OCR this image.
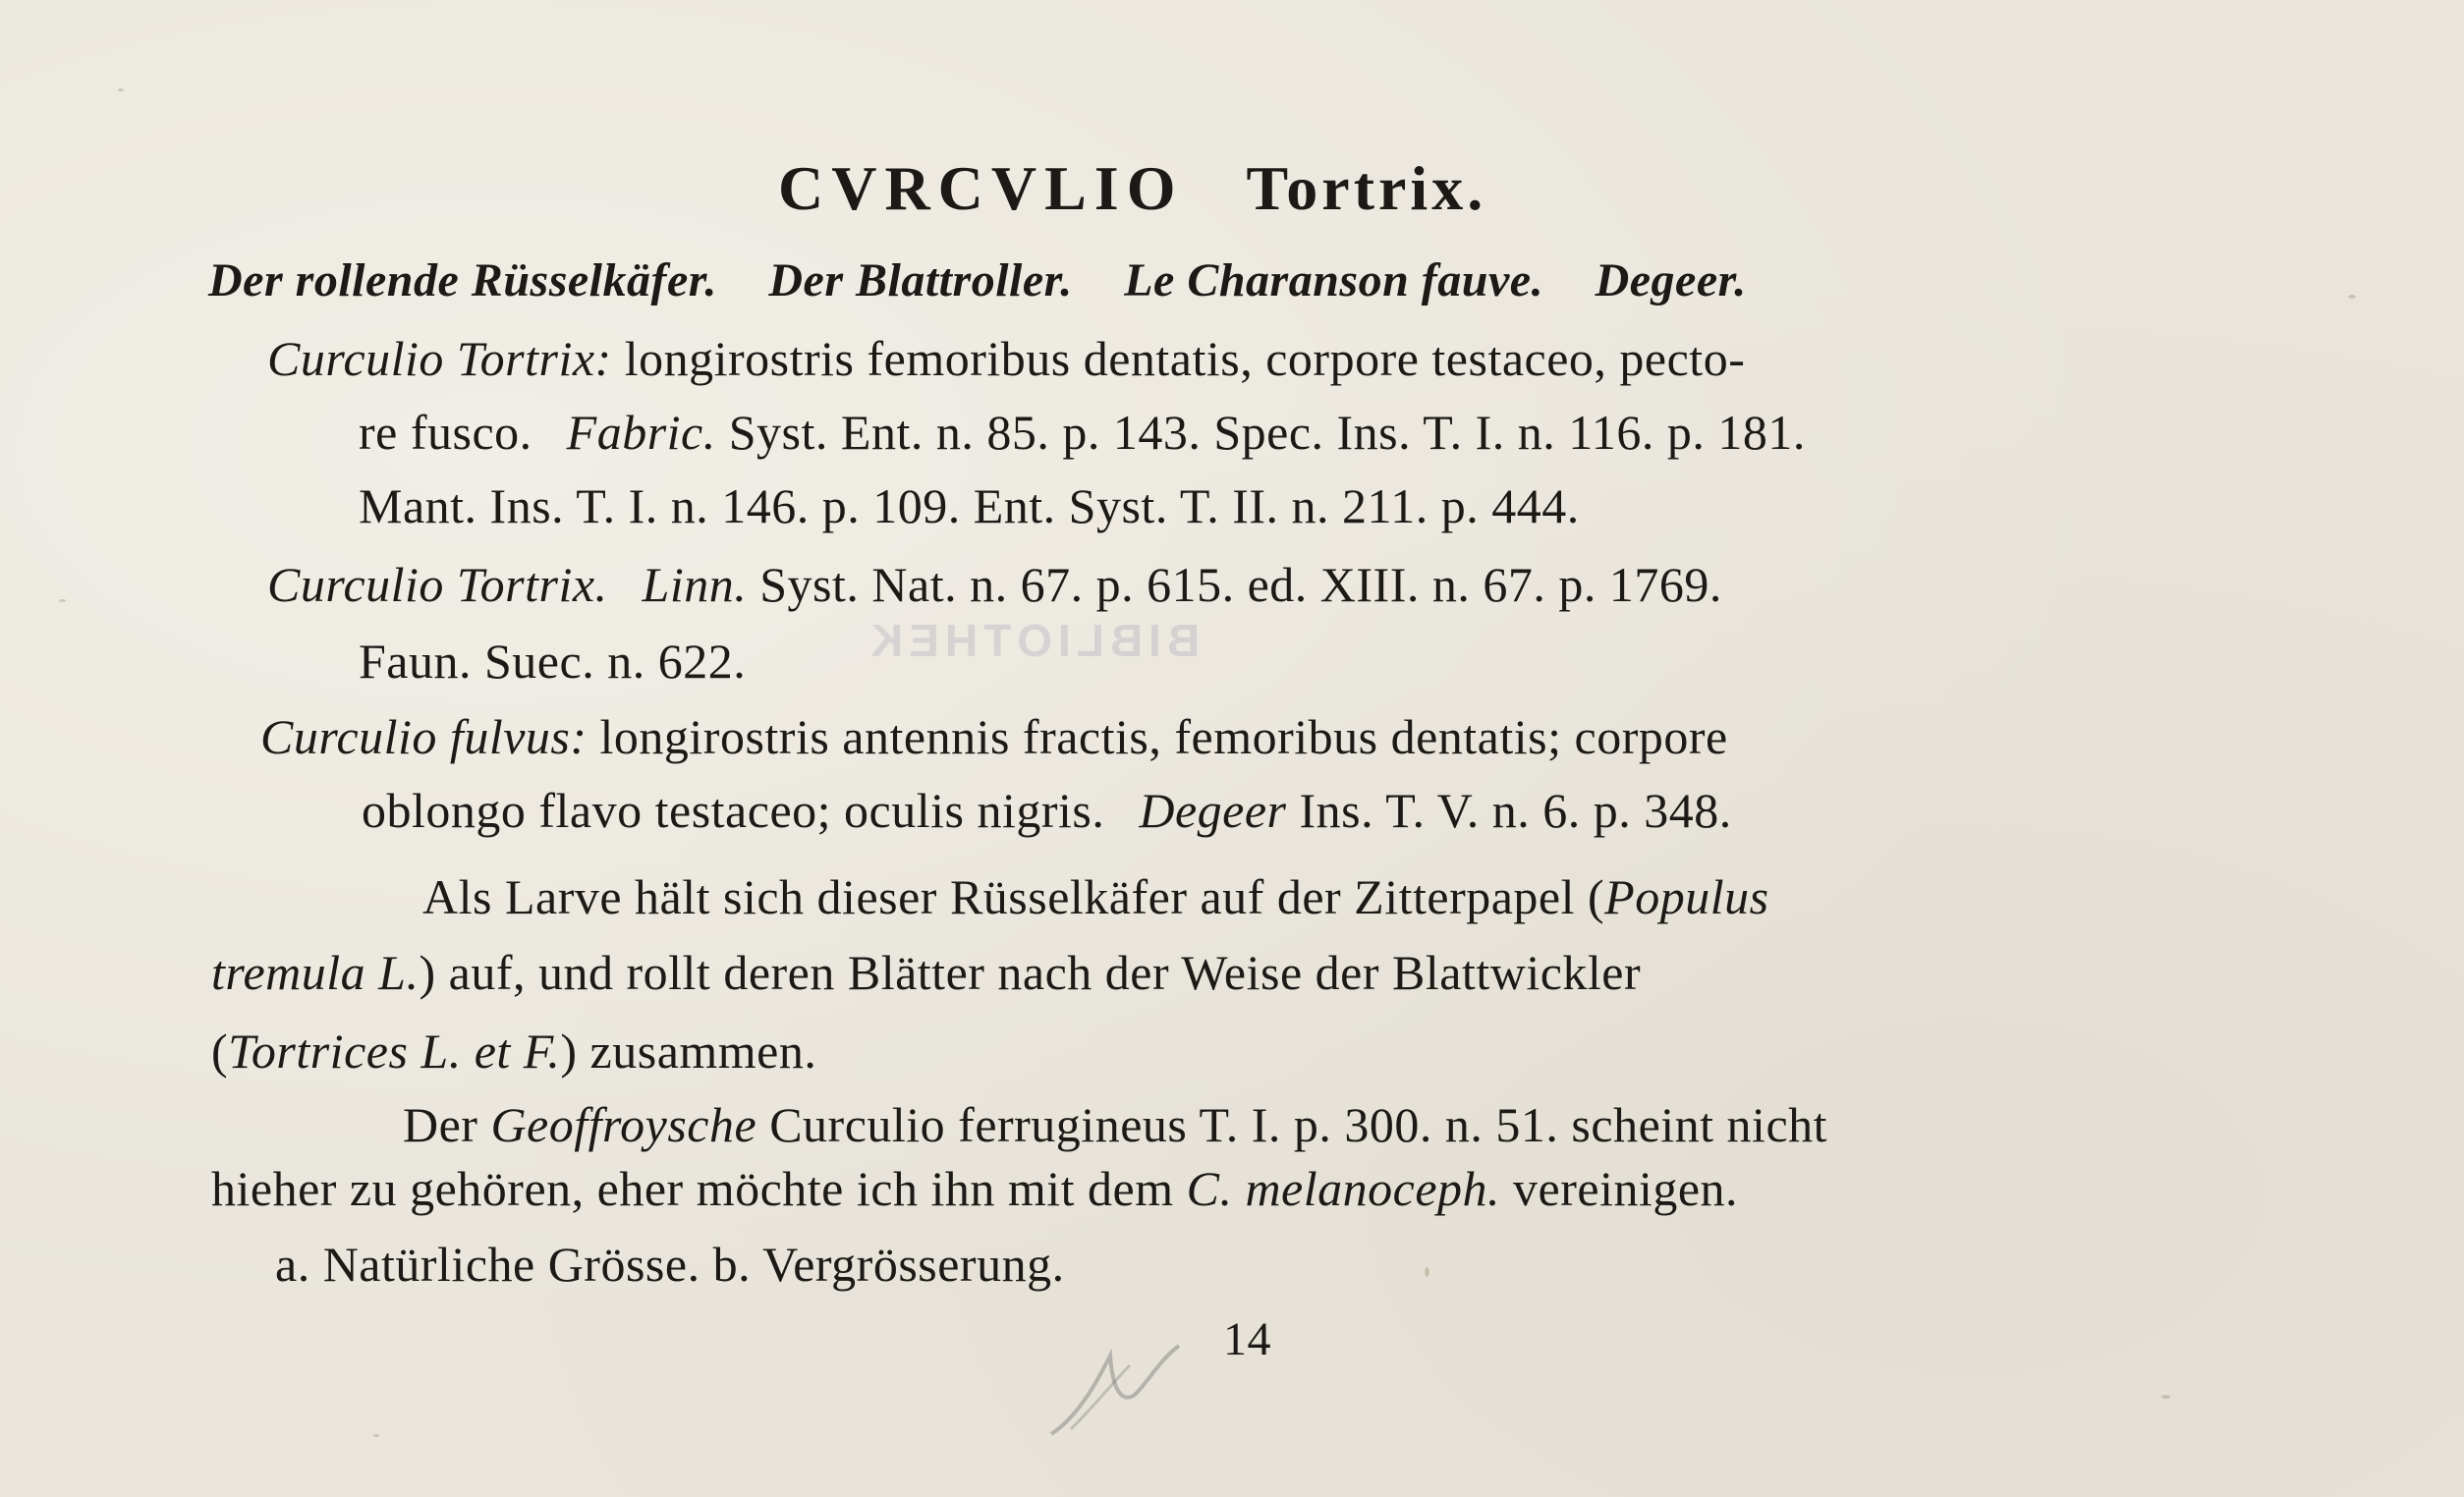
BIBLIOTHEK
CVRCVLIO Tortrix.
Der rollende Rüsselkäfer. Der Blattroller. Le Charanson fauve. Degeer.
Curculio Tortrix: longirostris femoribus dentatis, corpore testaceo, pecto-
re fusco. Fabric. Syst. Ent. n. 85. p. 143. Spec. Ins. T. I. n. 116. p. 181.
Mant. Ins. T. I. n. 146. p. 109. Ent. Syst. T. II. n. 211. p. 444.
Curculio Tortrix. Linn. Syst. Nat. n. 67. p. 615. ed. XIII. n. 67. p. 1769.
Faun. Suec. n. 622.
Curculio fulvus: longirostris antennis fractis, femoribus dentatis; corpore
oblongo flavo testaceo; oculis nigris. Degeer Ins. T. V. n. 6. p. 348.
Als Larve hält sich dieser Rüsselkäfer auf der Zitterpapel (Populus
tremula L.) auf, und rollt deren Blätter nach der Weise der Blattwickler
(Tortrices L. et F.) zusammen.
Der Geoffroysche Curculio ferrugineus T. I. p. 300. n. 51. scheint nicht
hieher zu gehören, eher möchte ich ihn mit dem C. melanoceph. vereinigen.
a. Natürliche Grösse. b. Vergrösserung.
14
